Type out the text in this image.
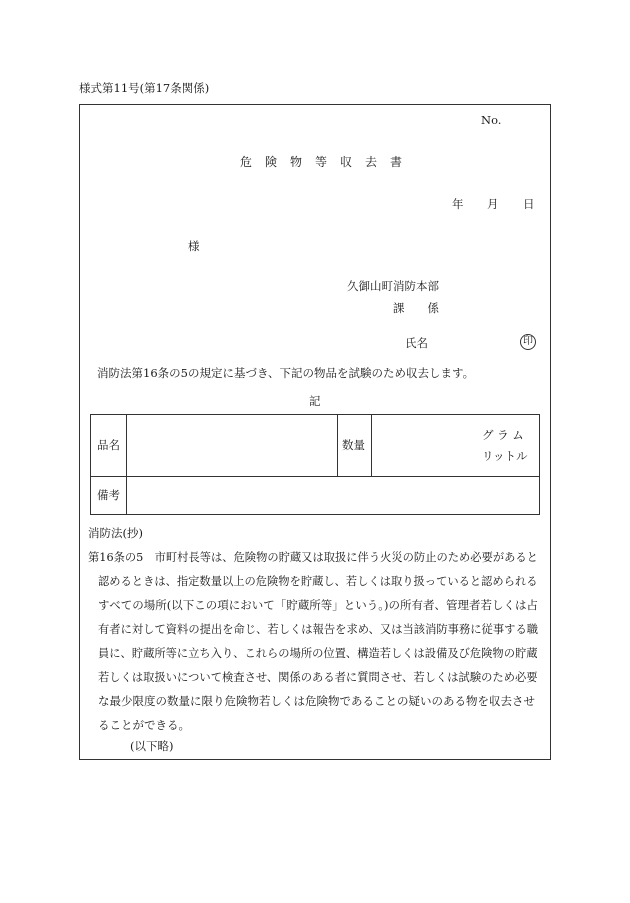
様式第11号(第17条関係)
No.
危険物等収去書
年 月 日
様
久御山町消防本部
課　　係
氏名	印
消防法第16条の5の規定に基づき、下記の物品を試験のため収去します。
記
品名	数量
グ ラ ム
リットル
備考
消防法(抄)
第16条の5　市町村長等は、危険物の貯蔵又は取扱に伴う火災の防止のため必要があると
認めるときは、指定数量以上の危険物を貯蔵し、若しくは取り扱っていると認められる
すべての場所(以下この項において「貯蔵所等」という。)の所有者、管理者若しくは占
有者に対して資料の提出を命じ、若しくは報告を求め、又は当該消防事務に従事する職
員に、貯蔵所等に立ち入り、これらの場所の位置、構造若しくは設備及び危険物の貯蔵
若しくは取扱いについて検査させ、関係のある者に質問させ、若しくは試験のため必要
な最少限度の数量に限り危険物若しくは危険物であることの疑いのある物を収去させ
ることができる。
(以下略)
